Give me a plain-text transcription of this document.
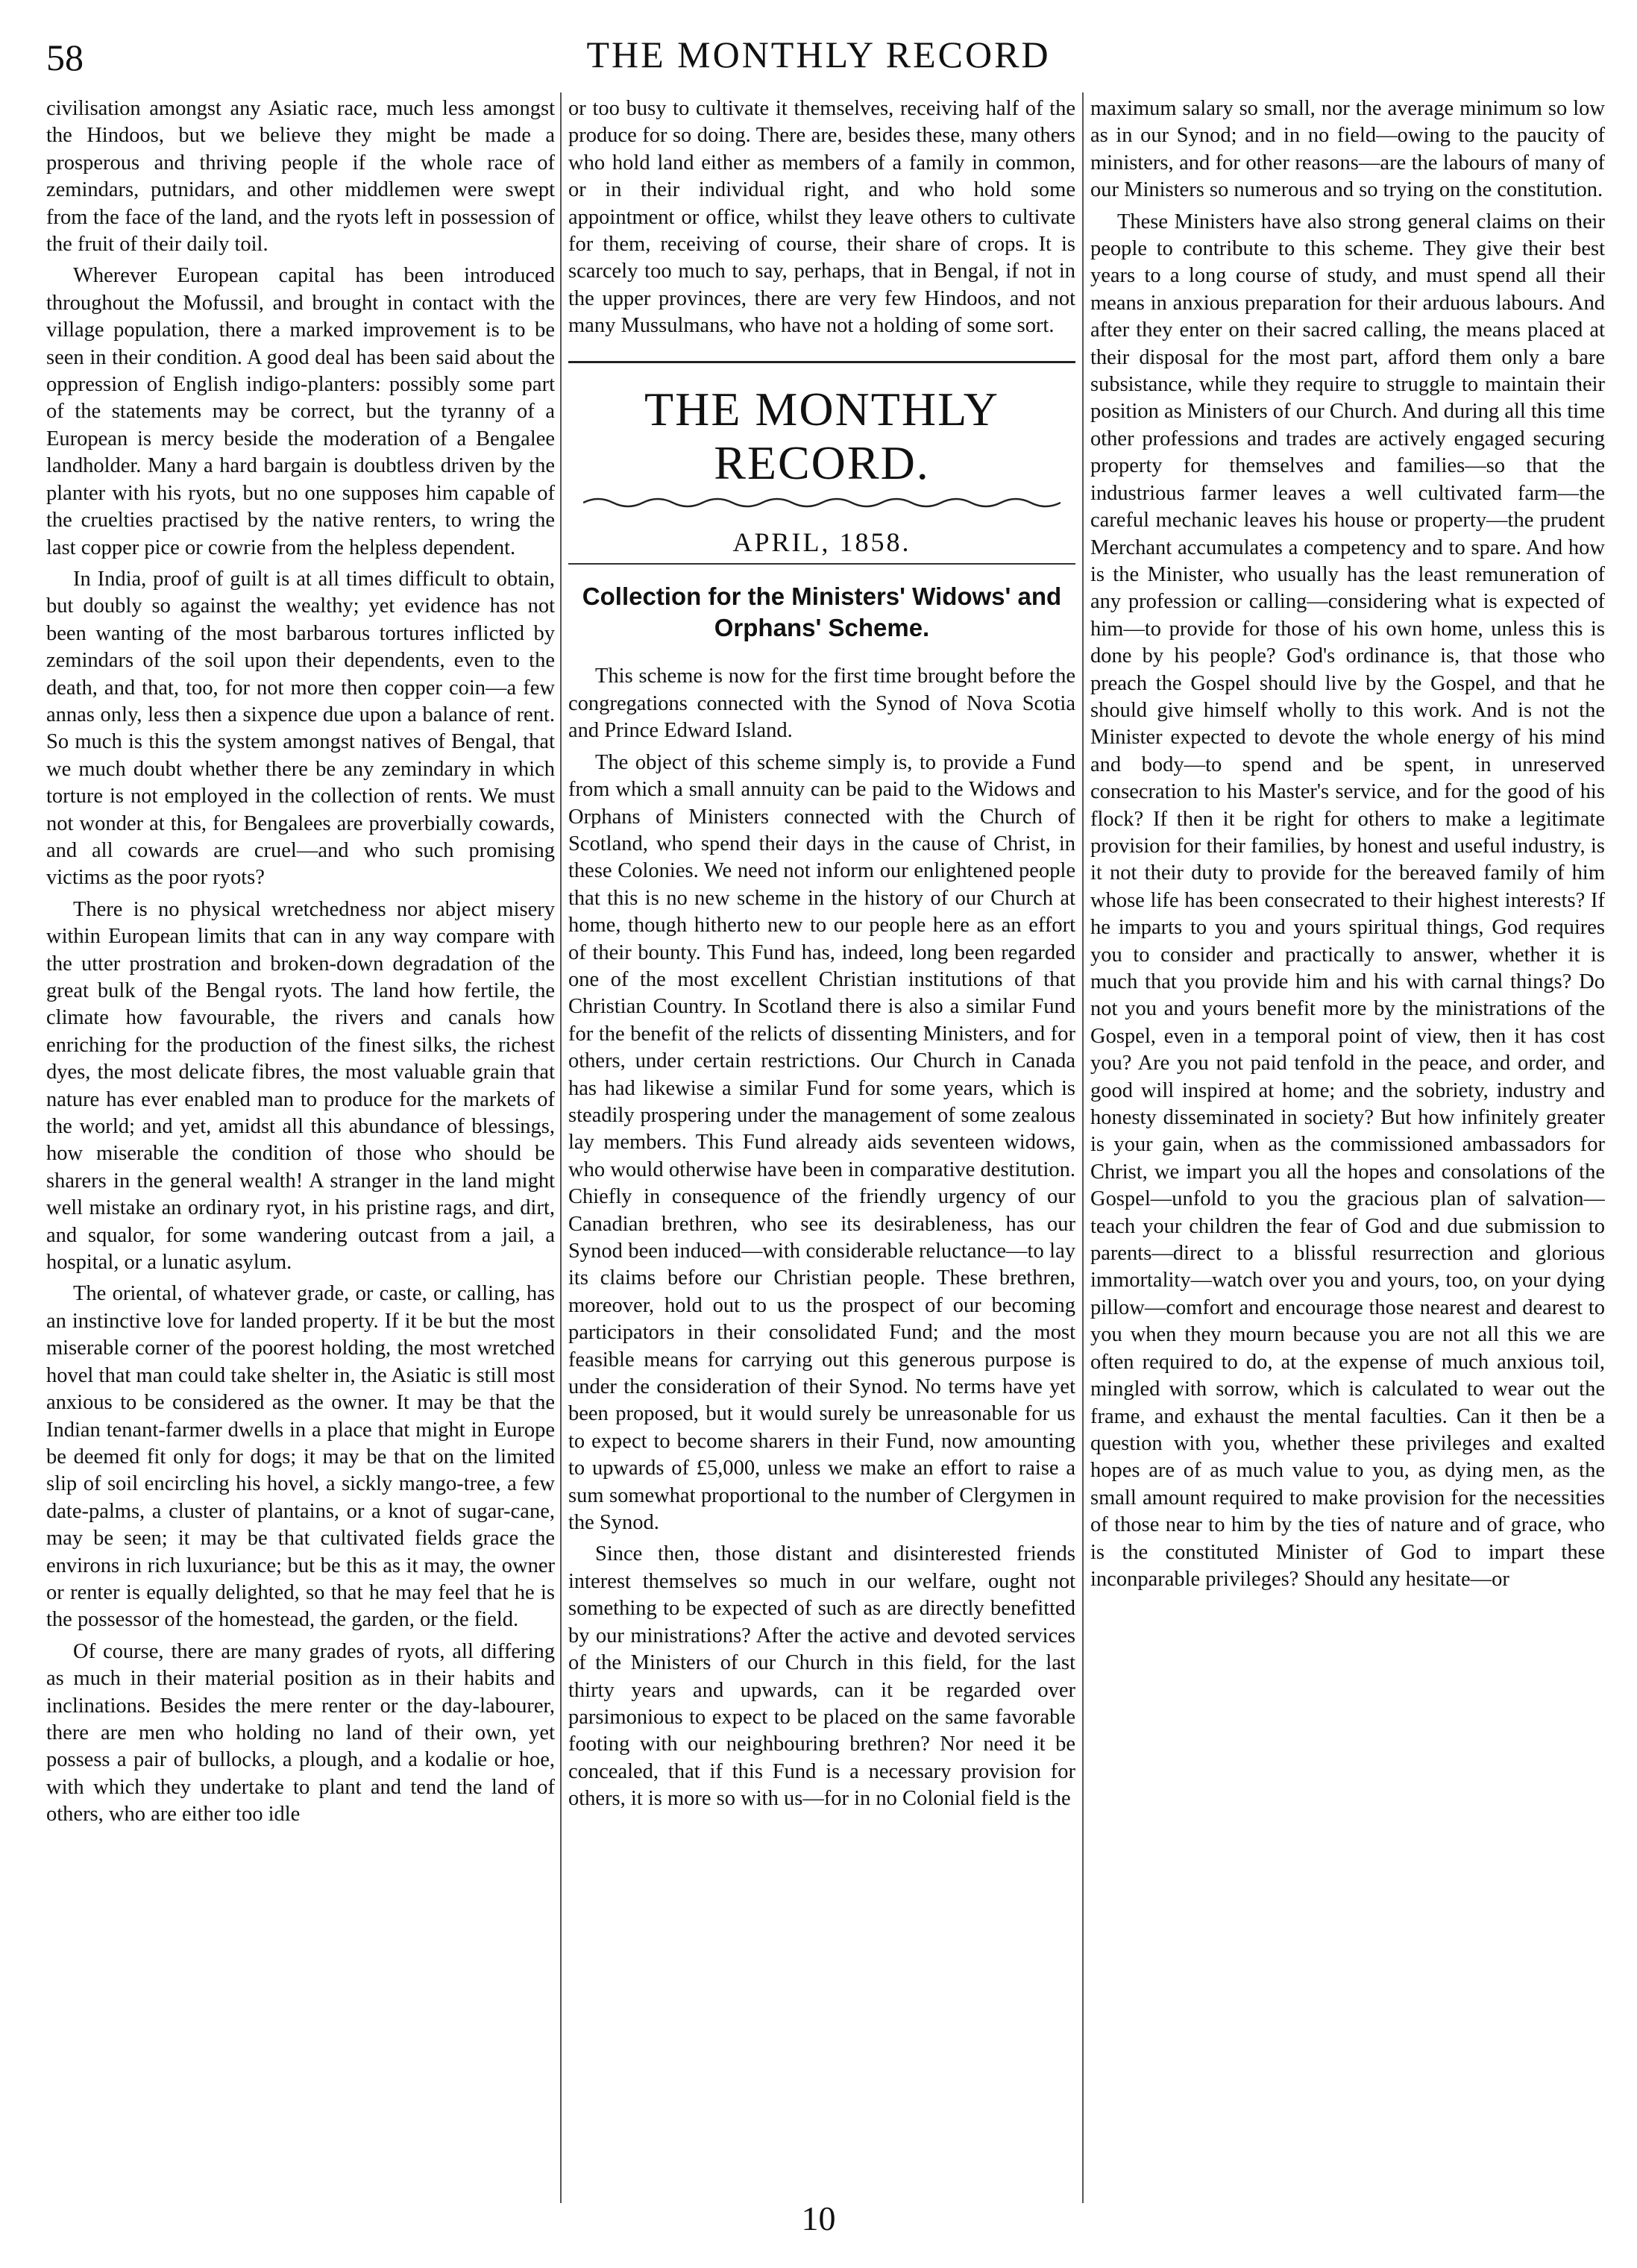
58	THE MONTHLY RECORD

civilisation amongst any Asiatic race, much less amongst the Hindoos, but we believe they might be made a prosperous and thriving people if the whole race of zemindars, putnidars, and other middlemen were swept from the face of the land, and the ryots left in possession of the fruit of their daily toil.

Wherever European capital has been introduced throughout the Mofussil, and brought in contact with the village population, there a marked improvement is to be seen in their condition. A good deal has been said about the oppression of English indigo-planters: possibly some part of the statements may be correct, but the tyranny of a European is mercy beside the moderation of a Bengalee landholder. Many a hard bargain is doubtless driven by the planter with his ryots, but no one supposes him capable of the cruelties practised by the native renters, to wring the last copper pice or cowrie from the helpless dependent.

In India, proof of guilt is at all times difficult to obtain, but doubly so against the wealthy; yet evidence has not been wanting of the most barbarous tortures inflicted by zemindars of the soil upon their dependents, even to the death, and that, too, for not more then copper coin—a few annas only, less then a sixpence due upon a balance of rent. So much is this the system amongst natives of Bengal, that we much doubt whether there be any zemindary in which torture is not employed in the collection of rents. We must not wonder at this, for Bengalees are proverbially cowards, and all cowards are cruel—and who such promising victims as the poor ryots?

There is no physical wretchedness nor abject misery within European limits that can in any way compare with the utter prostration and broken-down degradation of the great bulk of the Bengal ryots. The land how fertile, the climate how favourable, the rivers and canals how enriching for the production of the finest silks, the richest dyes, the most delicate fibres, the most valuable grain that nature has ever enabled man to produce for the markets of the world; and yet, amidst all this abundance of blessings, how miserable the condition of those who should be sharers in the general wealth! A stranger in the land might well mistake an ordinary ryot, in his pristine rags, and dirt, and squalor, for some wandering outcast from a jail, a hospital, or a lunatic asylum.

The oriental, of whatever grade, or caste, or calling, has an instinctive love for landed property. If it be but the most miserable corner of the poorest holding, the most wretched hovel that man could take shelter in, the Asiatic is still most anxious to be considered as the owner. It may be that the Indian tenant-farmer dwells in a place that might in Europe be deemed fit only for dogs; it may be that on the limited slip of soil encircling his hovel, a sickly mango-tree, a few date-palms, a cluster of plantains, or a knot of sugar-cane, may be seen; it may be that cultivated fields grace the environs in rich luxuriance; but be this as it may, the owner or renter is equally delighted, so that he may feel that he is the possessor of the homestead, the garden, or the field.

Of course, there are many grades of ryots, all differing as much in their material position as in their habits and inclinations. Besides the mere renter or the day-labourer, there are men who holding no land of their own, yet possess a pair of bullocks, a plough, and a kodalie or hoe, with which they undertake to plant and tend the land of others, who are either too idle

or too busy to cultivate it themselves, receiving half of the produce for so doing. There are, besides these, many others who hold land either as members of a family in common, or in their individual right, and who hold some appointment or office, whilst they leave others to cultivate for them, receiving of course, their share of crops. It is scarcely too much to say, perhaps, that in Bengal, if not in the upper provinces, there are very few Hindoos, and not many Mussulmans, who have not a holding of some sort.

THE MONTHLY RECORD.
APRIL, 1858.
Collection for the Ministers' Widows' and Orphans' Scheme.

This scheme is now for the first time brought before the congregations connected with the Synod of Nova Scotia and Prince Edward Island.

The object of this scheme simply is, to provide a Fund from which a small annuity can be paid to the Widows and Orphans of Ministers connected with the Church of Scotland, who spend their days in the cause of Christ, in these Colonies. We need not inform our enlightened people that this is no new scheme in the history of our Church at home, though hitherto new to our people here as an effort of their bounty. This Fund has, indeed, long been regarded one of the most excellent Christian institutions of that Christian Country. In Scotland there is also a similar Fund for the benefit of the relicts of dissenting Ministers, and for others, under certain restrictions. Our Church in Canada has had likewise a similar Fund for some years, which is steadily prospering under the management of some zealous lay members. This Fund already aids seventeen widows, who would otherwise have been in comparative destitution. Chiefly in consequence of the friendly urgency of our Canadian brethren, who see its desirableness, has our Synod been induced—with considerable reluctance—to lay its claims before our Christian people. These brethren, moreover, hold out to us the prospect of our becoming participators in their consolidated Fund; and the most feasible means for carrying out this generous purpose is under the consideration of their Synod. No terms have yet been proposed, but it would surely be unreasonable for us to expect to become sharers in their Fund, now amounting to upwards of £5,000, unless we make an effort to raise a sum somewhat proportional to the number of Clergymen in the Synod.

Since then, those distant and disinterested friends interest themselves so much in our welfare, ought not something to be expected of such as are directly benefitted by our ministrations? After the active and devoted services of the Ministers of our Church in this field, for the last thirty years and upwards, can it be regarded over parsimonious to expect to be placed on the same favorable footing with our neighbouring brethren? Nor need it be concealed, that if this Fund is a necessary provision for others, it is more so with us—for in no Colonial field is the

maximum salary so small, nor the average minimum so low as in our Synod; and in no field—owing to the paucity of ministers, and for other reasons—are the labours of many of our Ministers so numerous and so trying on the constitution.

These Ministers have also strong general claims on their people to contribute to this scheme. They give their best years to a long course of study, and must spend all their means in anxious preparation for their arduous labours. And after they enter on their sacred calling, the means placed at their disposal for the most part, afford them only a bare subsistance, while they require to struggle to maintain their position as Ministers of our Church. And during all this time other professions and trades are actively engaged securing property for themselves and families—so that the industrious farmer leaves a well cultivated farm—the careful mechanic leaves his house or property—the prudent Merchant accumulates a competency and to spare. And how is the Minister, who usually has the least remuneration of any profession or calling—considering what is expected of him—to provide for those of his own home, unless this is done by his people? God's ordinance is, that those who preach the Gospel should live by the Gospel, and that he should give himself wholly to this work. And is not the Minister expected to devote the whole energy of his mind and body—to spend and be spent, in unreserved consecration to his Master's service, and for the good of his flock? If then it be right for others to make a legitimate provision for their families, by honest and useful industry, is it not their duty to provide for the bereaved family of him whose life has been consecrated to their highest interests? If he imparts to you and yours spiritual things, God requires you to consider and practically to answer, whether it is much that you provide him and his with carnal things? Do not you and yours benefit more by the ministrations of the Gospel, even in a temporal point of view, then it has cost you? Are you not paid tenfold in the peace, and order, and good will inspired at home; and the sobriety, industry and honesty disseminated in society? But how infinitely greater is your gain, when as the commissioned ambassadors for Christ, we impart you all the hopes and consolations of the Gospel—unfold to you the gracious plan of salvation—teach your children the fear of God and due submission to parents—direct to a blissful resurrection and glorious immortality—watch over you and yours, too, on your dying pillow—comfort and encourage those nearest and dearest to you when they mourn because you are not all this we are often required to do, at the expense of much anxious toil, mingled with sorrow, which is calculated to wear out the frame, and exhaust the mental faculties. Can it then be a question with you, whether these privileges and exalted hopes are of as much value to you, as dying men, as the small amount required to make provision for the necessities of those near to him by the ties of nature and of grace, who is the constituted Minister of God to impart these inconparable privileges? Should any hesitate—or

10
